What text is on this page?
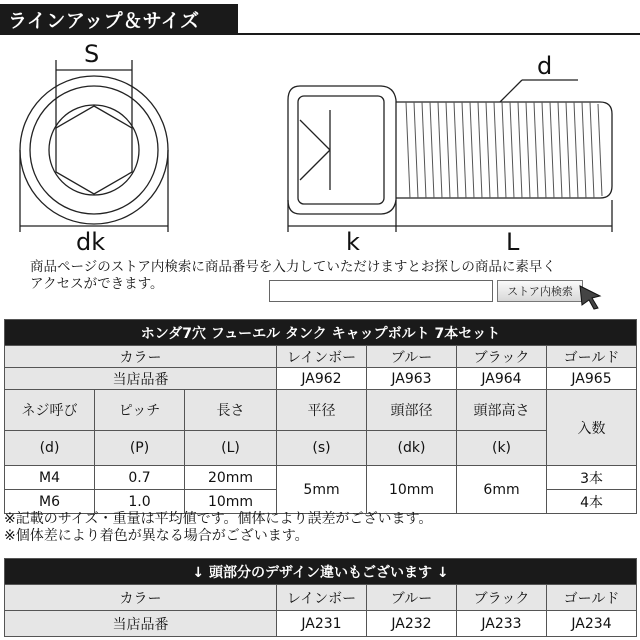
ラインアップ＆サイズ
S
dk	k	L
d
商品ページのストア内検索に商品番号を入力していただけますとお探しの商品に素早く
アクセスができます。	ストア内検索
ホンダ7穴 フューエル タンク キャップボルト 7本セット						
カラー			レインボー	ブルー	ブラック	ゴールド
当店品番			JA962	JA963	JA964	JA965
ネジ呼び	ピッチ	長さ	平径	頭部径	頭部高さ	入数
(d)	(P)	(L)	(s)	(dk)	(k)	
M4	0.7	20mm	5mm	10mm	6mm	3本
M6	1.0	10mm				4本
※記載のサイズ・重量は平均値です。個体により誤差がございます。
※個体差により着色が異なる場合がございます。
↓ 頭部分のデザイン違いもございます ↓				
カラー	レインボー	ブルー	ブラック	ゴールド
当店品番	JA231	JA232	JA233	JA234
